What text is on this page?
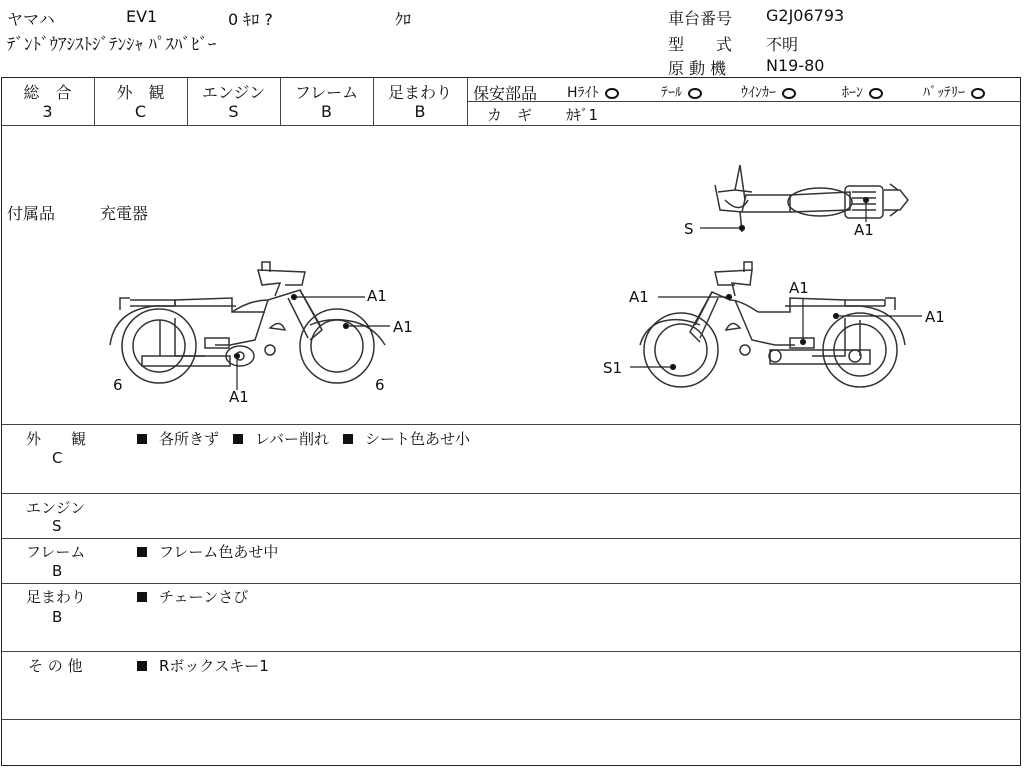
ヤマハ	EV1	0 ｷﾛ ?	ｸﾛ
ﾃﾞﾝﾄﾞｳｱｼｽﾄｼﾞﾃﾝｼｬ ﾊﾟｽﾊﾞﾋﾞｰ
車台番号 G2J06793
型　　式 不明
原 動 機 N19-80
総　合
3
外　観
C
エンジン
S
フレーム
B
足まわり
B
保安部品 Hﾗｲﾄ	ﾃｰﾙ	ｳｲﾝｶｰ	ﾎｰﾝ	ﾊﾞｯﾃﾘｰ
カ　ギ ｶｷﾞ1
付属品	充電器
S	A1
A1
A1
A1
6	6
A1	A1
A1
S1
外　　観
C
各所きず レバー削れ シート色あせ小
エンジン
S
フレーム
B
フレーム色あせ中
足まわり
B
チェーンさび
そ の 他	Rボックスキー1
